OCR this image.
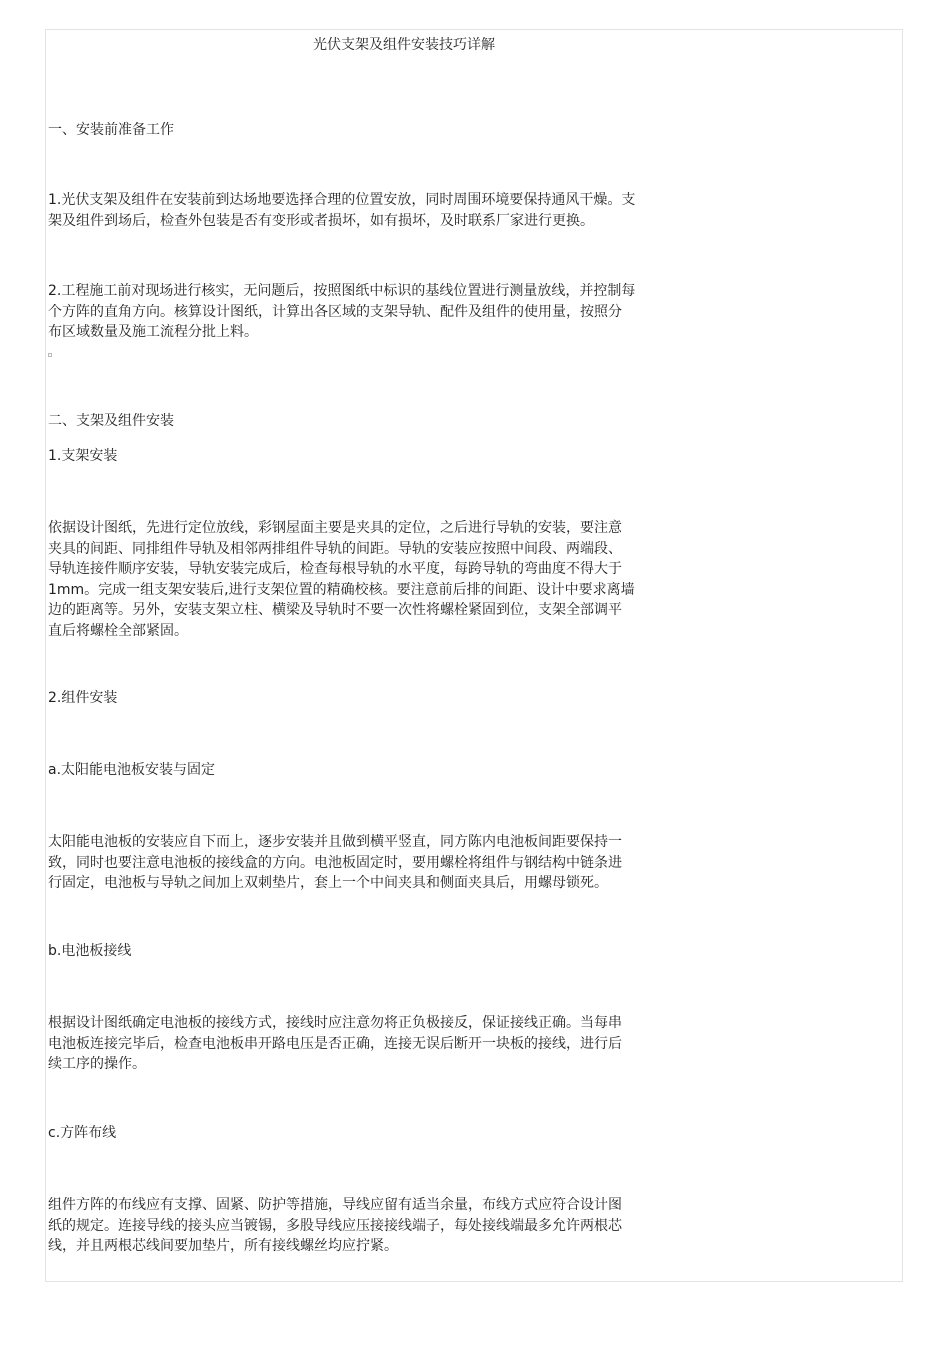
光伏支架及组件安装技巧详解

一、安装前准备工作

1.光伏支架及组件在安装前到达场地要选择合理的位置安放，同时周围环境要保持通风干燥。支
架及组件到场后，检查外包装是否有变形或者损坏，如有损坏，及时联系厂家进行更换。

2.工程施工前对现场进行核实，无问题后，按照图纸中标识的基线位置进行测量放线，并控制每
个方阵的直角方向。核算设计图纸，计算出各区域的支架导轨、配件及组件的使用量，按照分
布区域数量及施工流程分批上料。

二、支架及组件安装

1.支架安装

依据设计图纸，先进行定位放线，彩钢屋面主要是夹具的定位，之后进行导轨的安装，要注意
夹具的间距、同排组件导轨及相邻两排组件导轨的间距。导轨的安装应按照中间段、两端段、
导轨连接件顺序安装，导轨安装完成后，检查每根导轨的水平度，每跨导轨的弯曲度不得大于
1mm。完成一组支架安装后,进行支架位置的精确校核。要注意前后排的间距、设计中要求离墙
边的距离等。另外，安装支架立柱、横梁及导轨时不要一次性将螺栓紧固到位，支架全部调平
直后将螺栓全部紧固。

2.组件安装

a.太阳能电池板安装与固定

太阳能电池板的安装应自下而上，逐步安装并且做到横平竖直，同方陈内电池板间距要保持一
致，同时也要注意电池板的接线盒的方向。电池板固定时，要用螺栓将组件与钢结构中链条进
行固定，电池板与导轨之间加上双刺垫片，套上一个中间夹具和侧面夹具后，用螺母锁死。

b.电池板接线

根据设计图纸确定电池板的接线方式，接线时应注意勿将正负极接反，保证接线正确。当每串
电池板连接完毕后，检查电池板串开路电压是否正确，连接无误后断开一块板的接线，进行后
续工序的操作。

c.方阵布线

组件方阵的布线应有支撑、固紧、防护等措施，导线应留有适当余量，布线方式应符合设计图
纸的规定。连接导线的接头应当镀锡，多股导线应压接接线端子，每处接线端最多允许两根芯
线，并且两根芯线间要加垫片，所有接线螺丝均应拧紧。
